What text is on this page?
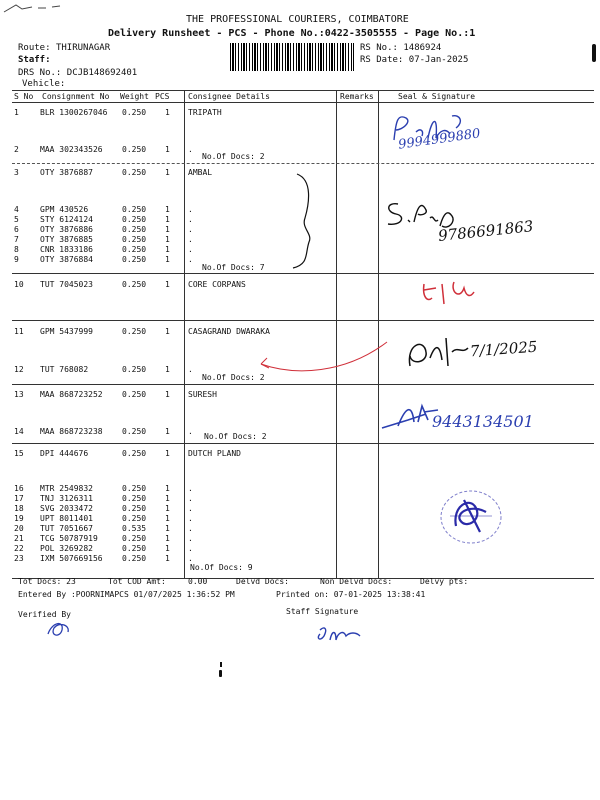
THE PROFESSIONAL COURIERS, COIMBATORE
Delivery Runsheet - PCS - Phone No.:0422-3505555 - Page No.:1
Route: THIRUNAGAR
Staff:
DRS No.: DCJB148692401
Vehicle:
RS No.: 1486924
RS Date: 07-Jan-2025
S No Consignment No Weight PCS Consignee Details	Remarks	Seal & Signature
1	BLR 1300267046 0.250 1 TRIPATH
2	MAA 302343526 0.250 1 .
3	OTY 3876887	0.250 1 AMBAL
4	GPM 430526	0.250 1 .
5	STY 6124124	0.250 1 .
6	OTY 3876886	0.250 1 .
7	OTY 3876885	0.250 1 .
8	CNR 1833186	0.250 1 .
9	OTY 3876884	0.250 1 .
10 TUT 7045023	0.250 1 CORE CORPANS
11 GPM 5437999	0.250 1 CASAGRAND DWARAKA
12 TUT 768082	0.250 1 .
13 MAA 868723252 0.250 1 SURESH
14 MAA 868723238 0.250 1 .
15 DPI 444676	0.250 1 DUTCH PLAND
16 MTR 2549832	0.250 1 .
17 TNJ 3126311	0.250 1 .
18 SVG 2033472	0.250 1 .
19 UPT 8011401	0.250 1 .
20 TUT 7051667	0.535 1 .
21 TCG 50787919	0.250 1 .
22 POL 3269282	0.250 1 .
23 IXM 507669156 0.250 1 .
No.Of Docs: 2
No.Of Docs: 7
No.Of Docs: 2
No.Of Docs: 2
No.Of Docs: 9
9994999880
9786691863
7/1/2025
9443134501
Tot Docs: 23	Tot COD Amt:	0.00	Delvd Docs:	Non Delvd Docs:	Delvy pts:
Entered By :POORNIMAPCS 01/07/2025 1:36:52 PM	Printed on: 07-01-2025 13:38:41
Verified By	Staff Signature
